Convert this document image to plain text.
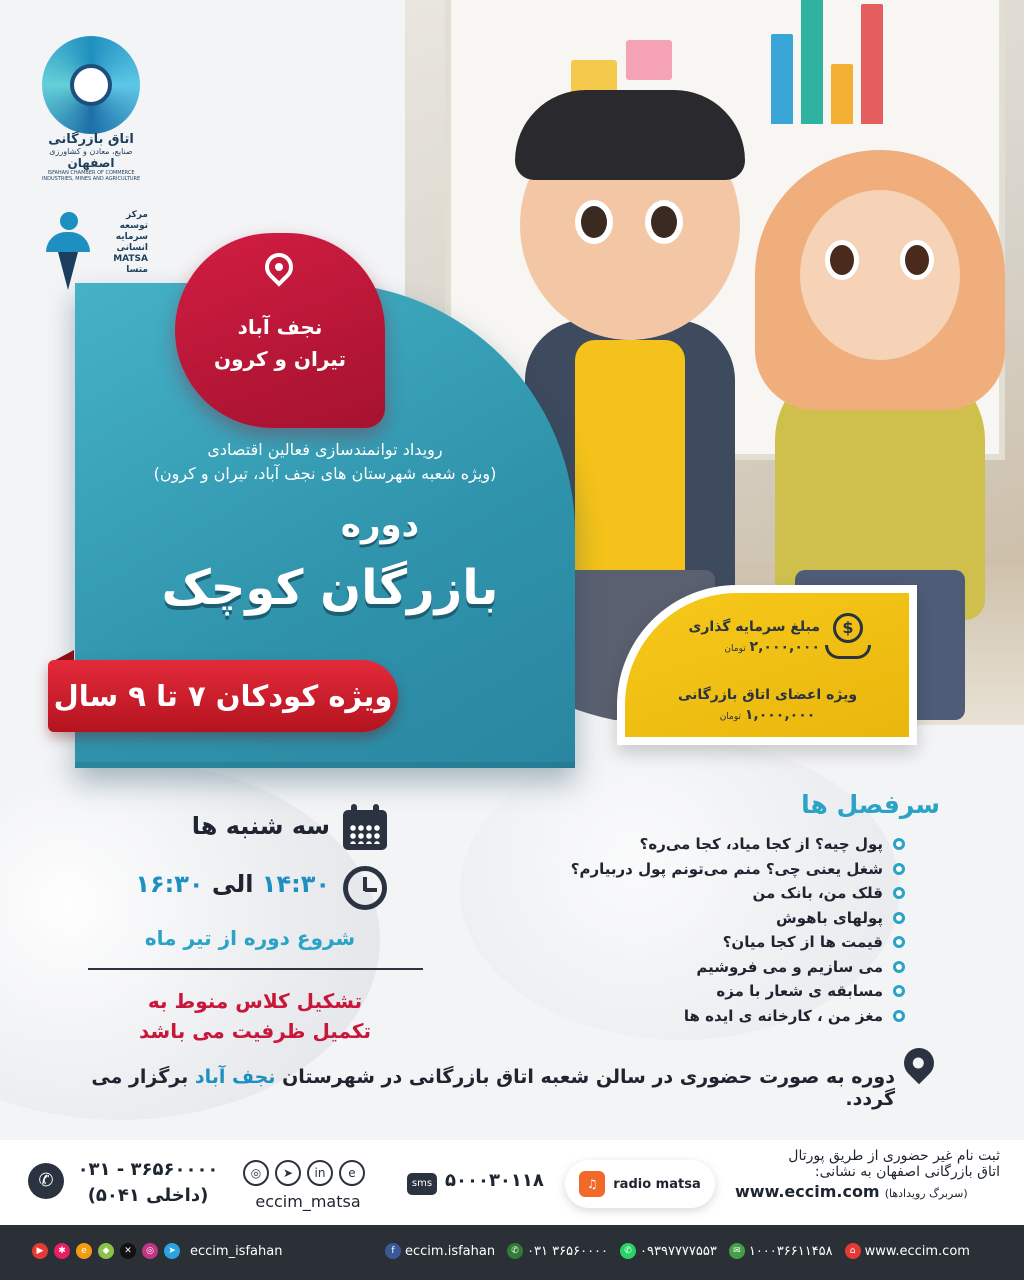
اتاق بازرگانی
صنایع، معادن و کشاورزی
اصفهان
ISFAHAN CHAMBER OF COMMERCE
INDUSTRIES, MINES AND AGRICULTURE
مرکز
توسعه
سرمایه
انسانی
MATSA
متسا
نجف آباد
تیران و کرون
رویداد توانمندسازی فعالین اقتصادی
(ویژه شعبه شهرستان های نجف آباد، تیران و کرون)
دوره
بازرگان کوچک
ویژه کودکان ۷ تا ۹ سال
$
مبلغ سرمایه گذاری
۲,۰۰۰,۰۰۰ تومان
ویژه اعضای اتاق بازرگانی
۱,۰۰۰,۰۰۰ تومان
سه شنبه ها
۱۴:۳۰ الی ۱۶:۳۰
شروع دوره از تیر ماه
تشکیل کلاس منوط به
تکمیل ظرفیت می باشد
سرفصل ها
پول چیه؟ از کجا میاد، کجا می‌ره؟
شغل یعنی چی؟ منم می‌تونم پول دربیارم؟
قلک من، بانک من
پولهای باهوش
قیمت ها از کجا میان؟
می سازیم و می فروشیم
مسابقه ی شعار با مزه
مغز من ، کارخانه ی ایده ها
دوره به صورت حضوری در سالن شعبه اتاق بازرگانی در شهرستان نجف آباد برگزار می گردد.
✆
۰۳۱ - ۳۶۵۶۰۰۰۰
(داخلی ۵۰۴۱)
◎	➤	in	e
eccim_matsa
sms ۵۰۰۰۳۰۱۱۸	♫	radio matsa
ثبت نام غیر حضوری از طریق پورتال
اتاق بازرگانی اصفهان به نشانی:
www.eccim.com (سربرگ رویدادها)
▶	✱	e	◆	✕	◎	➤	eccim_isfahan	f eccim.isfahan	✆ ۰۳۱ ۳۶۵۶۰۰۰۰	✆ ۰۹۳۹۷۷۷۷۵۵۳	✉ ۱۰۰۰۳۶۶۱۱۴۵۸	⌂ www.eccim.com
